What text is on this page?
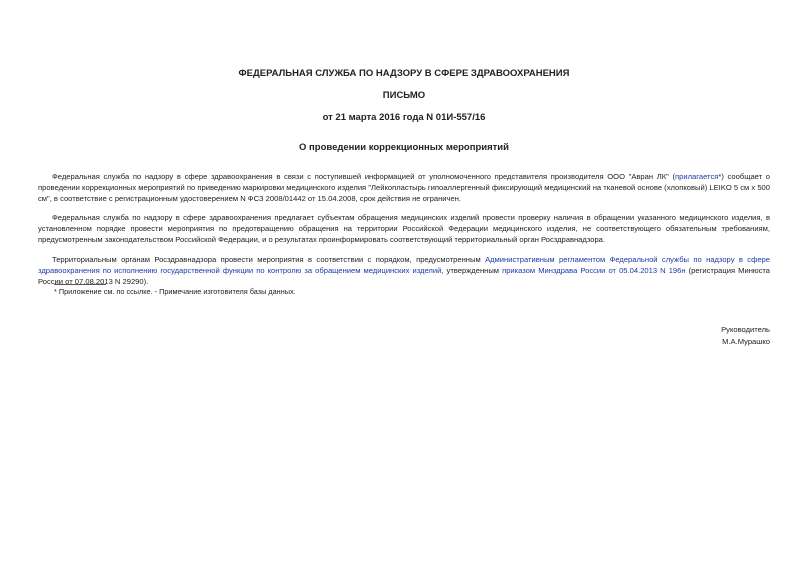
ФЕДЕРАЛЬНАЯ СЛУЖБА ПО НАДЗОРУ В СФЕРЕ ЗДРАВООХРАНЕНИЯ
ПИСЬМО
от 21 марта 2016 года N 01И-557/16
О проведении коррекционных мероприятий
Федеральная служба по надзору в сфере здравоохранения в связи с поступившей информацией от уполномоченного представителя производителя ООО "Авран ЛК" (прилагается*) сообщает о проведении коррекционных мероприятий по приведению маркировки медицинского изделия "Лейкопластырь гипоаллергенный фиксирующий медицинский на тканевой основе (хлопковый) LEIKO 5 см х 500 см", в соответствие с регистрационным удостоверением N ФСЗ 2008/01442 от 15.04.2008, срок действия не ограничен.
Федеральная служба по надзору в сфере здравоохранения предлагает субъектам обращения медицинских изделий провести проверку наличия в обращении указанного медицинского изделия, в установленном порядке провести мероприятия по предотвращению обращения на территории Российской Федерации медицинского изделия, не соответствующего обязательным требованиям, предусмотренным законодательством Российской Федерации, и о результатах проинформировать соответствующий территориальный орган Росздравнадзора.
Территориальным органам Росздравнадзора провести мероприятия в соответствии с порядком, предусмотренным Административным регламентом Федеральной службы по надзору в сфере здравоохранения по исполнению государственной функции по контролю за обращением медицинских изделий, утвержденным приказом Минздрава России от 05.04.2013 N 196н (регистрация Минюста России от 07.08.2013 N 29290).
* Приложение см. по ссылке. - Примечание изготовителя базы данных.
Руководитель
М.А.Мурашко
